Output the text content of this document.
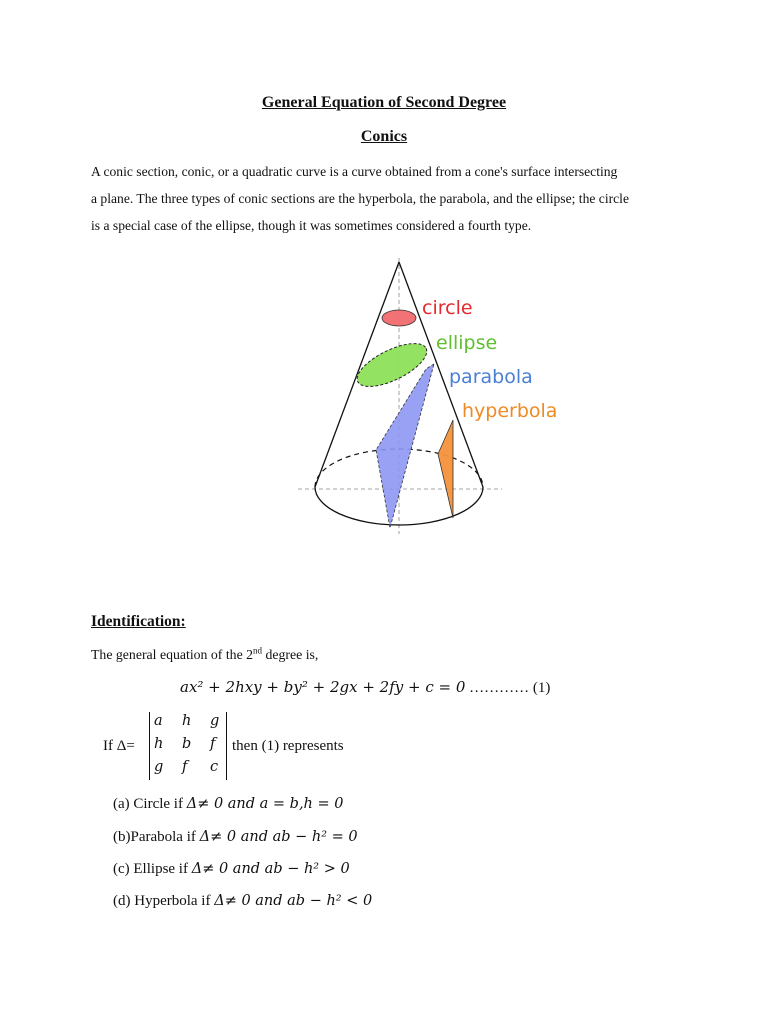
General Equation of Second Degree
Conics
A conic section, conic, or a quadratic curve is a curve obtained from a cone's surface intersecting
a plane. The three types of conic sections are the hyperbola, the parabola, and the ellipse; the circle
is a special case of the ellipse, though it was sometimes considered a fourth type.
circle
ellipse
parabola
hyperbola
Identification:
The general equation of the 2nd degree is,
ax² + 2hxy + by² + 2gx + 2fy + c = 0 ………… (1)
If Δ=
a h g
h b f
g f c
then (1) represents
(a) Circle if Δ≠ 0 and a = b,h = 0
(b)Parabola if Δ≠ 0 and ab − h² = 0
(c) Ellipse if Δ≠ 0 and ab − h² > 0
(d) Hyperbola if Δ≠ 0 and ab − h² < 0
